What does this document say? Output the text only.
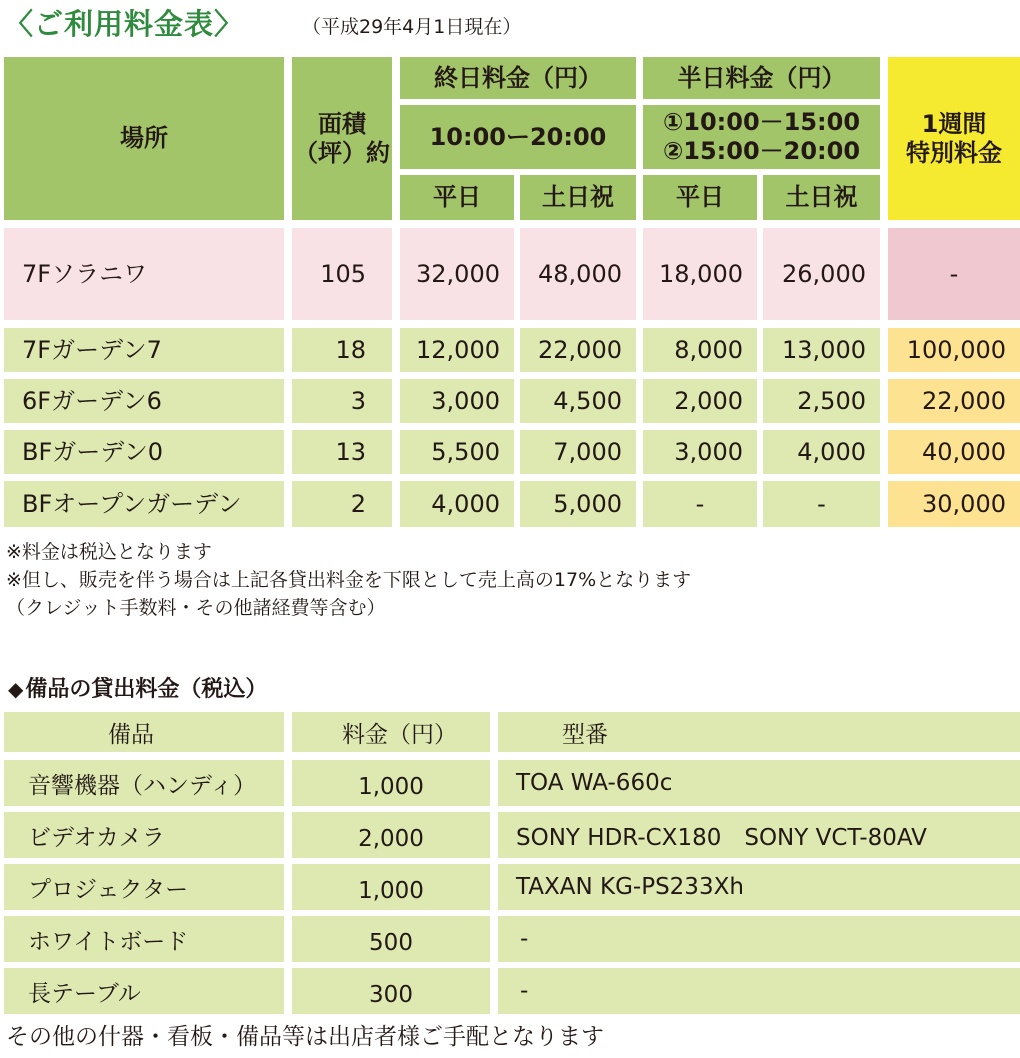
〈ご利用料金表〉	（平成29年4月1日現在）
場所
面積
（坪）約
終日料金（円）
10:00ー20:00
平日	土日祝
半日料金（円）
①10:00－15:00
②15:00－20:00
平日	土日祝
1週間
特別料金
7Fソラニワ	105	32,000	48,000	18,000	26,000	-
7Fガーデン7	18	12,000	22,000	8,000	13,000	100,000
6Fガーデン6	3	3,000	4,500	2,000	2,500	22,000
BFガーデン0	13	5,500	7,000	3,000	4,000	40,000
BFオープンガーデン	2	4,000	5,000	-	-	30,000
※料金は税込となります
※但し、販売を伴う場合は上記各貸出料金を下限として売上高の17%となります
（クレジット手数料・その他諸経費等含む）
◆備品の貸出料金（税込）
備品	料金（円）	型番
音響機器（ハンディ）	1,000	TOA WA-660c
ビデオカメラ	2,000	SONY HDR-CX180　SONY VCT-80AV
プロジェクター	1,000	TAXAN KG-PS233Xh
ホワイトボード	500	-
長テーブル	300	-
その他の什器・看板・備品等は出店者様ご手配となります
